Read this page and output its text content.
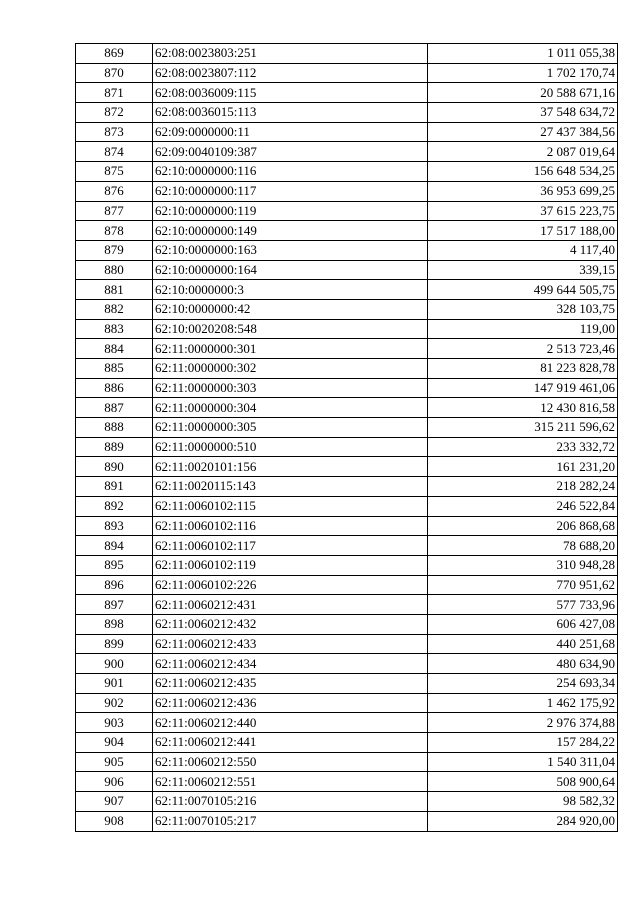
869	62:08:0023803:251	1 011 055,38
870	62:08:0023807:112	1 702 170,74
871	62:08:0036009:115	20 588 671,16
872	62:08:0036015:113	37 548 634,72
873	62:09:0000000:11	27 437 384,56
874	62:09:0040109:387	2 087 019,64
875	62:10:0000000:116	156 648 534,25
876	62:10:0000000:117	36 953 699,25
877	62:10:0000000:119	37 615 223,75
878	62:10:0000000:149	17 517 188,00
879	62:10:0000000:163	4 117,40
880	62:10:0000000:164	339,15
881	62:10:0000000:3	499 644 505,75
882	62:10:0000000:42	328 103,75
883	62:10:0020208:548	119,00
884	62:11:0000000:301	2 513 723,46
885	62:11:0000000:302	81 223 828,78
886	62:11:0000000:303	147 919 461,06
887	62:11:0000000:304	12 430 816,58
888	62:11:0000000:305	315 211 596,62
889	62:11:0000000:510	233 332,72
890	62:11:0020101:156	161 231,20
891	62:11:0020115:143	218 282,24
892	62:11:0060102:115	246 522,84
893	62:11:0060102:116	206 868,68
894	62:11:0060102:117	78 688,20
895	62:11:0060102:119	310 948,28
896	62:11:0060102:226	770 951,62
897	62:11:0060212:431	577 733,96
898	62:11:0060212:432	606 427,08
899	62:11:0060212:433	440 251,68
900	62:11:0060212:434	480 634,90
901	62:11:0060212:435	254 693,34
902	62:11:0060212:436	1 462 175,92
903	62:11:0060212:440	2 976 374,88
904	62:11:0060212:441	157 284,22
905	62:11:0060212:550	1 540 311,04
906	62:11:0060212:551	508 900,64
907	62:11:0070105:216	98 582,32
908	62:11:0070105:217	284 920,00
